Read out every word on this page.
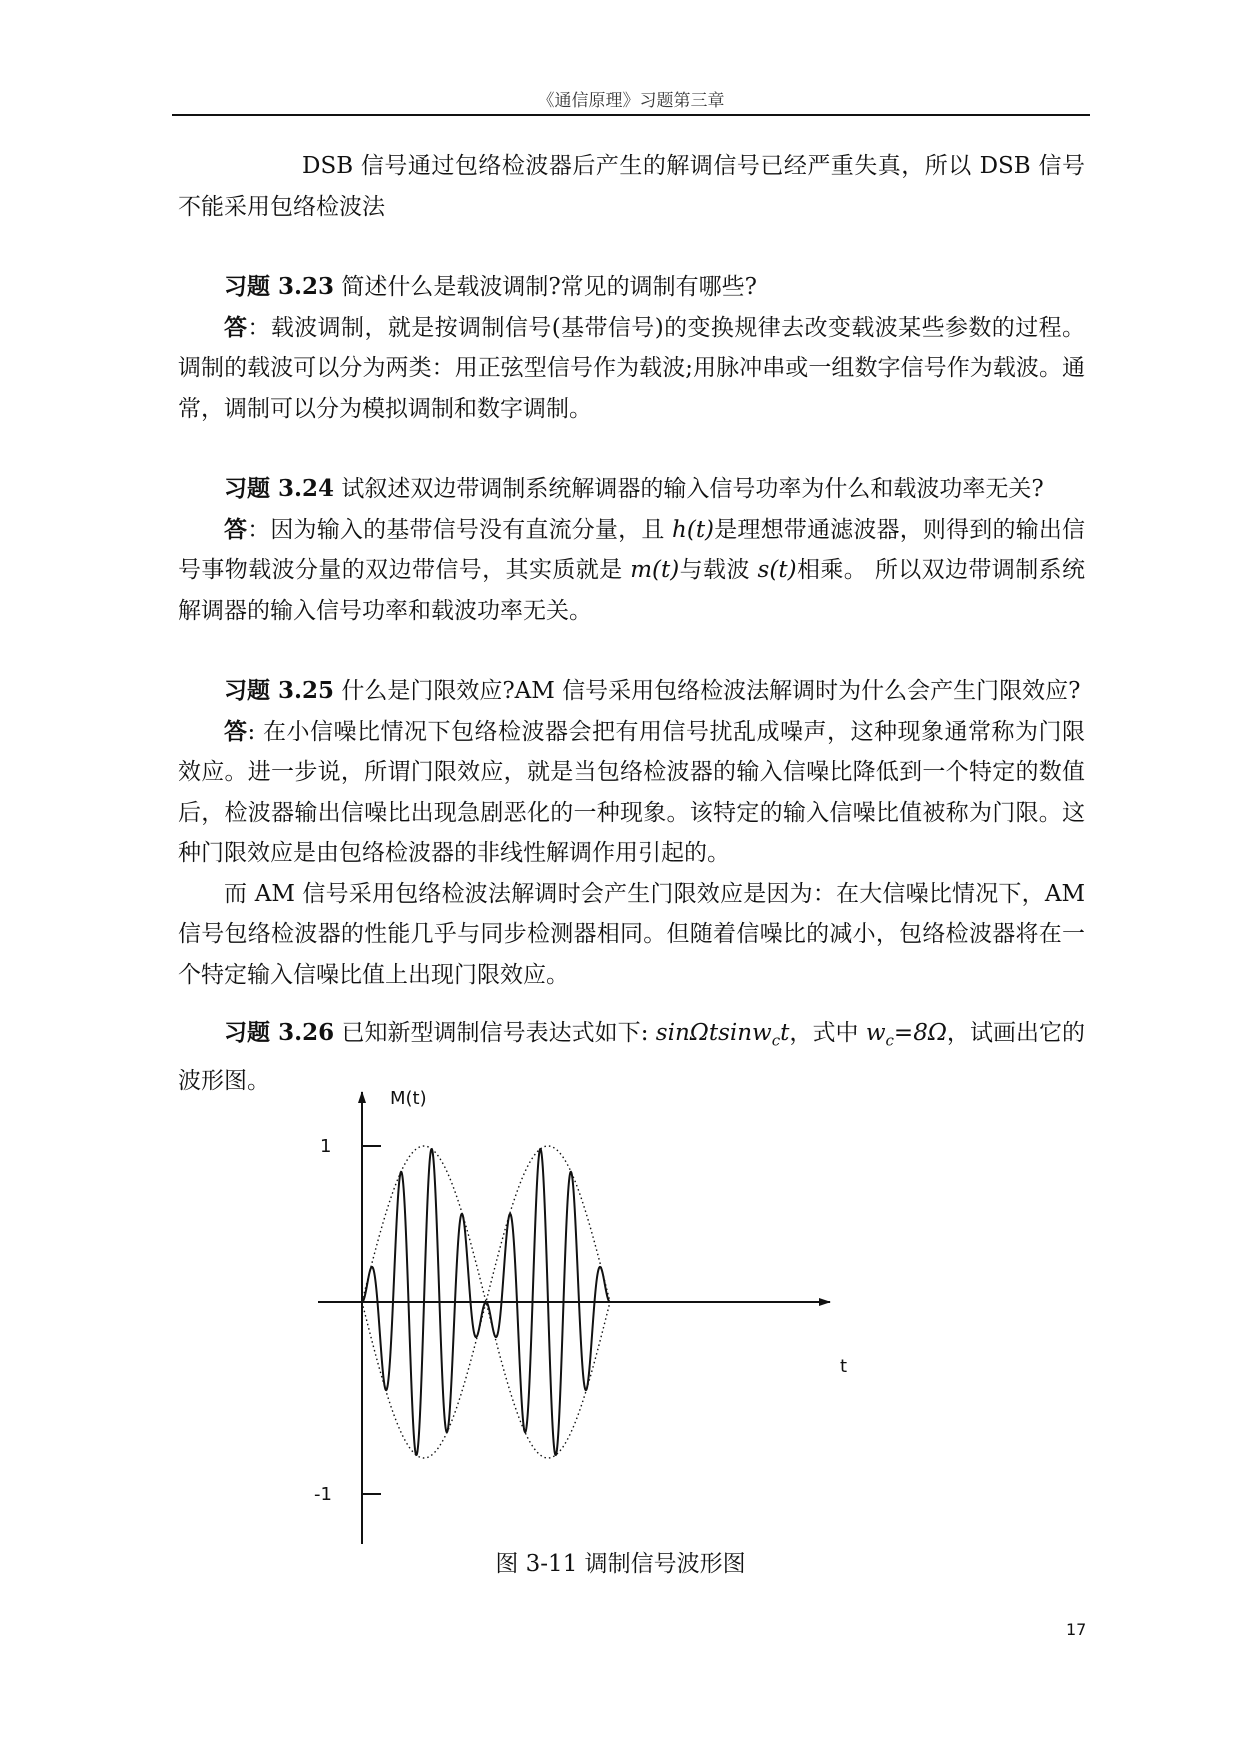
《通信原理》习题第三章

DSB 信号通过包络检波器后产生的解调信号已经严重失真，所以 DSB 信号不能采用包络检波法

习题 3.23 简述什么是载波调制?常见的调制有哪些?

答：载波调制，就是按调制信号(基带信号)的变换规律去改变载波某些参数的过程。调制的载波可以分为两类：用正弦型信号作为载波;用脉冲串或一组数字信号作为载波。通常，调制可以分为模拟调制和数字调制。

习题 3.24 试叙述双边带调制系统解调器的输入信号功率为什么和载波功率无关?

答：因为输入的基带信号没有直流分量，且 h(t)是理想带通滤波器，则得到的输出信号事物载波分量的双边带信号，其实质就是 m(t)与载波 s(t)相乘。 所以双边带调制系统解调器的输入信号功率和载波功率无关。

习题 3.25 什么是门限效应?AM 信号采用包络检波法解调时为什么会产生门限效应?

答: 在小信噪比情况下包络检波器会把有用信号扰乱成噪声，这种现象通常称为门限效应。进一步说，所谓门限效应，就是当包络检波器的输入信噪比降低到一个特定的数值后，检波器输出信噪比出现急剧恶化的一种现象。该特定的输入信噪比值被称为门限。这种门限效应是由包络检波器的非线性解调作用引起的。

而 AM 信号采用包络检波法解调时会产生门限效应是因为：在大信噪比情况下，AM 信号包络检波器的性能几乎与同步检测器相同。但随着信噪比的减小，包络检波器将在一个特定输入信噪比值上出现门限效应。

习题 3.26 已知新型调制信号表达式如下: sinΩtsinw$_c$t，式中 $w_c=8\Omega$，试画出它的波形图。

M(t)
t
1
-1
图 3-11 调制信号波形图
17
